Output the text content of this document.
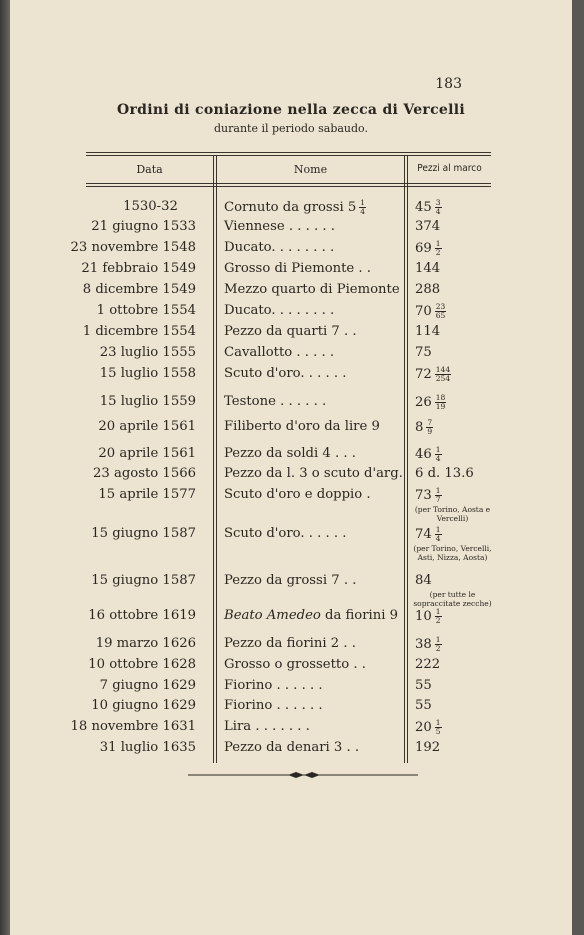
183
Ordini di coniazione nella zecca di Vercelli
durante il periodo sabaudo.
Data	Nome	Pezzi al marco
1530-32	Cornuto da grossi $5 \frac{1}{4}$	$45 \frac{3}{4}$
21 giugno 1533 Viennese . . . . . .	374
23 novembre 1548 Ducato. . . . . . . .	$69 \frac{1}{2}$
21 febbraio 1549 Grosso di Piemonte . .	144
8 dicembre 1549 Mezzo quarto di Piemonte	288
1 ottobre 1554 Ducato. . . . . . . .	$70 \frac{23}{65}$
1 dicembre 1554 Pezzo da quarti 7 . .	114
23 luglio 1555 Cavallotto . . . . .	75
15 luglio 1558 Scuto d'oro. . . . . .	$72 \frac{144}{254}$
15 luglio 1559 Testone . . . . . .	$26 \frac{18}{19}$
20 aprile 1561 Filiberto d'oro da lire 9	$8 \frac{7}{9}$
20 aprile 1561 Pezzo da soldi 4 . . .	$46 \frac{1}{4}$
23 agosto 1566 Pezzo da l. 3 o scuto d'arg. 6 d. 13.6
15 aprile 1577 Scuto d'oro e doppio .	$73 \frac{1}{7}$
(per Torino, Aosta e Vercelli)
15 giugno 1587 Scuto d'oro. . . . . .	$74 \frac{1}{4}$
(per Torino, Vercelli, Asti, Nizza, Aosta)
15 giugno 1587 Pezzo da grossi 7 . .	84
(per tutte le sopraccitate zecche)
16 ottobre 1619 Beato Amedeo da fiorini 9	$10 \frac{1}{2}$
19 marzo 1626 Pezzo da fiorini 2 . .	$38 \frac{1}{2}$
10 ottobre 1628 Grosso o grossetto . .	222
7 giugno 1629 Fiorino . . . . . .	55
10 giugno 1629 Fiorino . . . . . .	55
18 novembre 1631 Lira . . . . . . .	$20 \frac{1}{5}$
31 luglio 1635 Pezzo da denari 3 . .	192
